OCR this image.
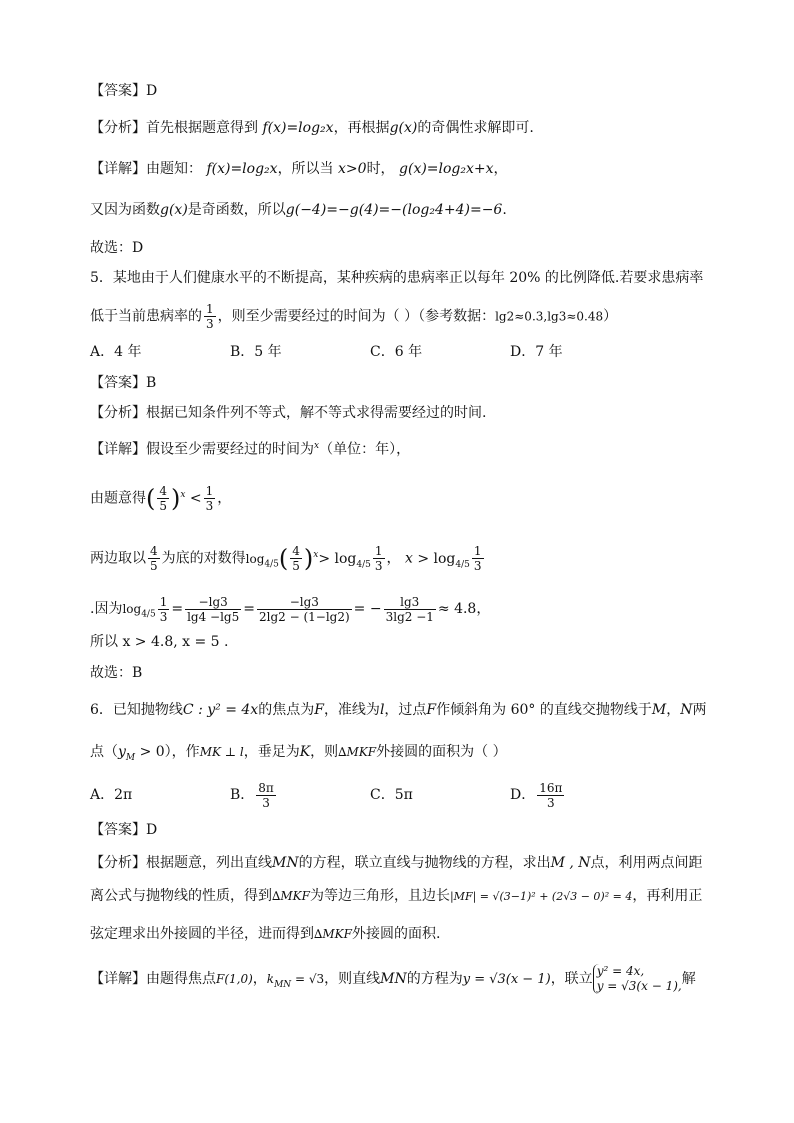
【答案】D
【分析】首先根据题意得到 f(x)=log₂x，再根据g(x)的奇偶性求解即可.
【详解】由题知： f(x)=log₂x，所以当 x>0时， g(x)=log₂x+x，
又因为函数g(x)是奇函数，所以g(−4)=−g(4)=−(log₂4+4)=−6.
故选：D
5．某地由于人们健康水平的不断提高，某种疾病的患病率正以每年 20% 的比例降低.若要求患病率
低于当前患病率的 $\frac{1}{3}$ ，则至少需要经过的时间为（ ）（参考数据：lg2≈0.3,lg3≈0.48）
A．4 年	B．5 年	C．6 年	D．7 年
【答案】B
【分析】根据已知条件列不等式，解不等式求得需要经过的时间.
【详解】假设至少需要经过的时间为$^x$（单位：年），
由题意得( $\frac{4}{5} )^x < \frac{1}{3}$ ，
两边取以 $\frac{4}{5}$ 为底的对数得$\log_{4/5}( \frac{4}{5} )^x> \log_{4/5} \frac{1}{3}$ ， $x > \log_{4/5} \frac{1}{3}$
.因为$\log_{4/5} \frac{1}{3} = \frac{-\lg 3}{\lg 4 -\lg 5} = \frac{-\lg 3}{2\lg 2 - (1-\lg 2)}$ = − $\frac{\lg 3}{3\lg 2 -1} \approx 4.8$，
所以 x > 4.8, x = 5 .
故选：B
6．已知抛物线C : y² = 4x的焦点为F，准线为l，过点F作倾斜角为 60° 的直线交抛物线于M，N两
点$(y_M > 0)$，作MK ⊥ l，垂足为K，则∆MKF外接圆的面积为（ ）
A．2π	B． $\frac{8\pi}{3}$	C．5π	D． $\frac{16\pi}{3}$
【答案】D
【分析】根据题意，列出直线MN的方程，联立直线与抛物线的方程，求出M , N点，利用两点间距
离公式与抛物线的性质，得到∆MKF为等边三角形，且边长|MF| = √(3−1)² + (2√3 − 0)² = 4，再利用正
弦定理求出外接圆的半径，进而得到∆MKF外接圆的面积.
【详解】由题得焦点F(1,0)，$k_{MN} = √3$，则直线MN的方程为y = √3(x − 1)，联立 y² = 4x,
y = √3(x − 1), 解
